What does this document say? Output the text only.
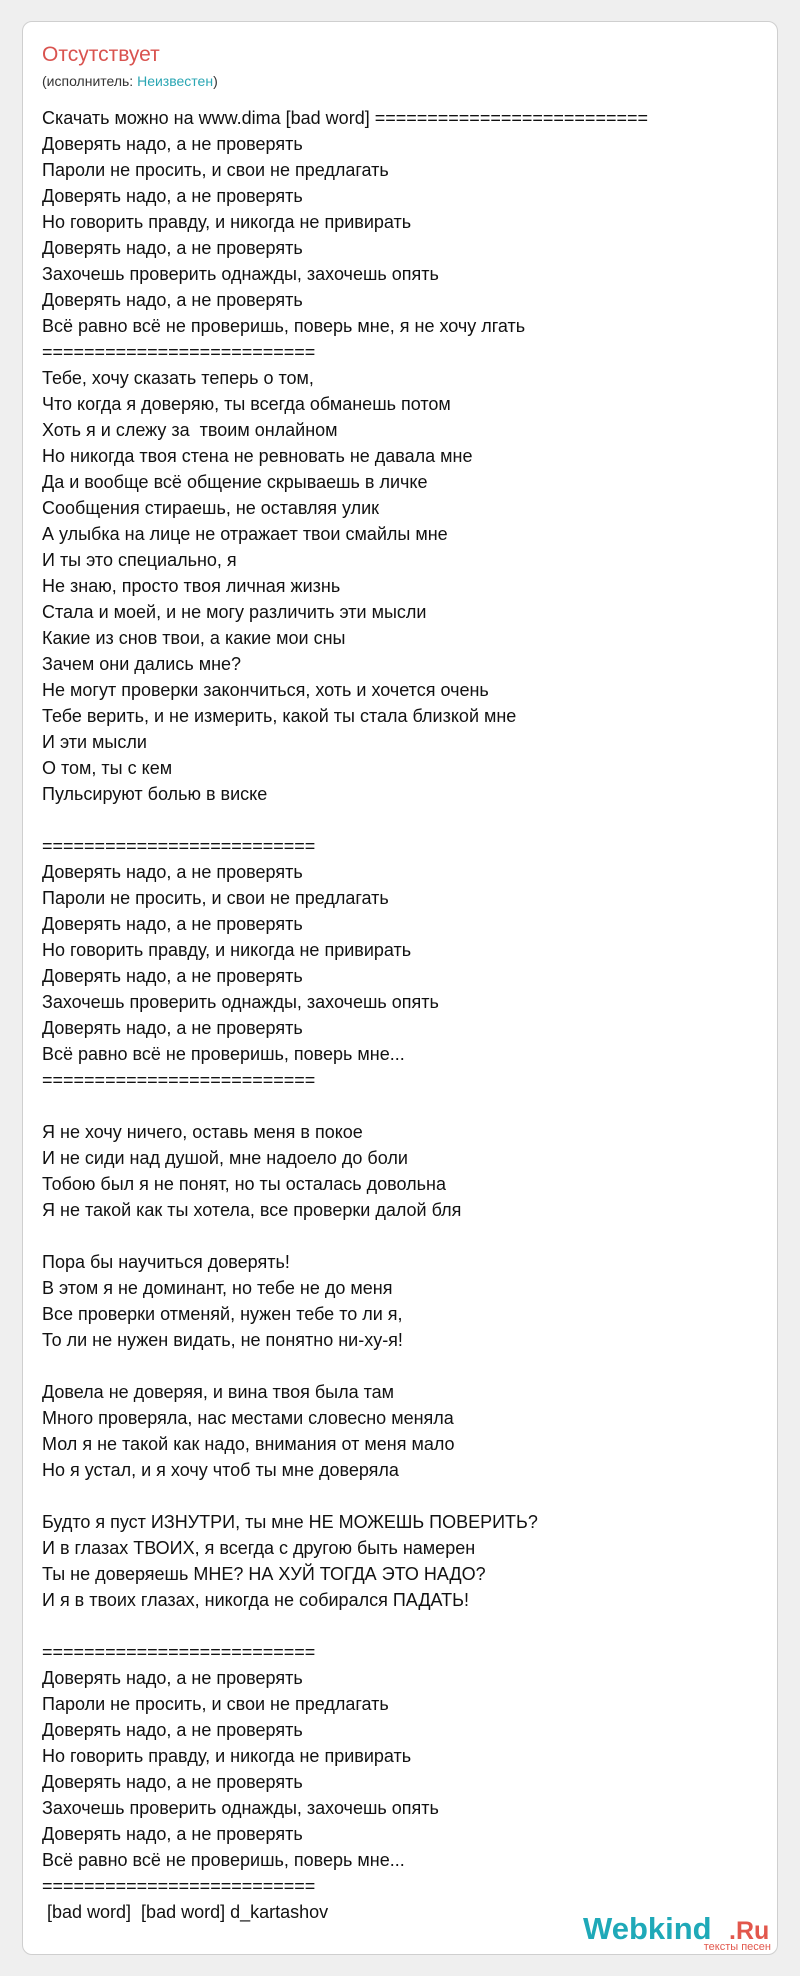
Отсутствует
(исполнитель: Неизвестен)
Скачать можно на www.dima [bad word] ==========================
Доверять надо, а не проверять
Пароли не просить, и свои не предлагать
Доверять надо, а не проверять
Но говорить правду, и никогда не привирать
Доверять надо, а не проверять
Захочешь проверить однажды, захочешь опять
Доверять надо, а не проверять
Всё равно всё не проверишь, поверь мне, я не хочу лгать
==========================
Тебе, хочу сказать теперь о том,
Что когда я доверяю, ты всегда обманешь потом
Хоть я и слежу за  твоим онлайном
Но никогда твоя стена не ревновать не давала мне
Да и вообще всё общение скрываешь в личке
Сообщения стираешь, не оставляя улик
А улыбка на лице не отражает твои смайлы мне
И ты это специально, я
Не знаю, просто твоя личная жизнь
Стала и моей, и не могу различить эти мысли
Какие из снов твои, а какие мои сны
Зачем они дались мне?
Не могут проверки закончиться, хоть и хочется очень
Тебе верить, и не измерить, какой ты стала близкой мне
И эти мысли
О том, ты с кем
Пульсируют болью в виске
==========================
Доверять надо, а не проверять
Пароли не просить, и свои не предлагать
Доверять надо, а не проверять
Но говорить правду, и никогда не привирать
Доверять надо, а не проверять
Захочешь проверить однажды, захочешь опять
Доверять надо, а не проверять
Всё равно всё не проверишь, поверь мне...
==========================
Я не хочу ничего, оставь меня в покое
И не сиди над душой, мне надоело до боли
Тобою был я не понят, но ты осталась довольна
Я не такой как ты хотела, все проверки далой бля
Пора бы научиться доверять!
В этом я не доминант, но тебе не до меня
Все проверки отменяй, нужен тебе то ли я,
То ли не нужен видать, не понятно ни-ху-я!
Довела не доверяя, и вина твоя была там
Много проверяла, нас местами словесно меняла
Мол я не такой как надо, внимания от меня мало
Но я устал, и я хочу чтоб ты мне доверяла
Будто я пуст ИЗНУТРИ, ты мне НЕ МОЖЕШЬ ПОВЕРИТЬ?
И в глазах ТВОИХ, я всегда с другою быть намерен
Ты не доверяешь МНЕ? НА ХУЙ ТОГДА ЭТО НАДО?
И я в твоих глазах, никогда не собирался ПАДАТЬ!
==========================
Доверять надо, а не проверять
Пароли не просить, и свои не предлагать
Доверять надо, а не проверять
Но говорить правду, и никогда не привирать
Доверять надо, а не проверять
Захочешь проверить однажды, захочешь опять
Доверять надо, а не проверять
Всё равно всё не проверишь, поверь мне...
==========================
[bad word]  [bad word] d_kartashov	Webkind .Ru
тексты песен
